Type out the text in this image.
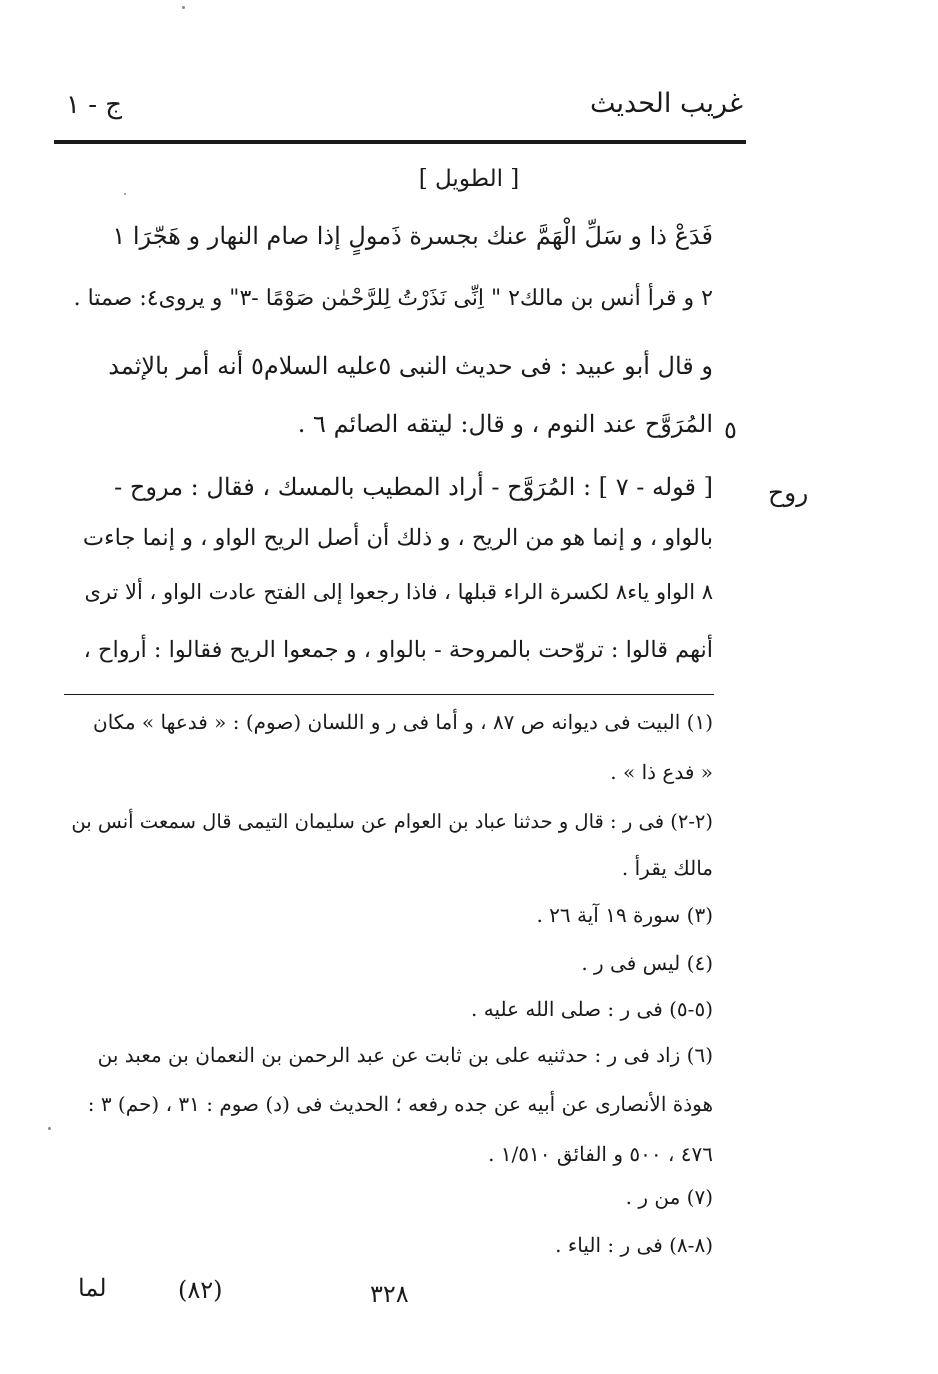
غريب الحديث
ج - ١
[ الطويل ]
فَدَعْ ذا و سَلِّ الْهَمَّ عنك بجسرة ذَمولٍ إذا صام النهار و هَجّرَا ١
٢ و قرأ أنس بن مالك٢ " اِنِّی نَذَرْتُ لِلرَّحْمٰن صَوْمًا -٣" و يروى٤: صمتا .
و قال أبو عبيد : فی حديث النبی ٥عليه السلام٥ أنه أمر بالإثمد
المُرَوَّح عند النوم ، و قال: ليتقه الصائم ٦ . ٥
روح
[ قوله - ٧ ] : المُرَوَّح - أراد المطيب بالمسك ، فقال : مروح -
بالواو ، و إنما هو من الريح ، و ذلك أن أصل الريح الواو ، و إنما جاءت
٨ الواو ياء٨ لكسرة الراء قبلها ، فاذا رجعوا إلى الفتح عادت الواو ، ألا ترى
أنهم قالوا : تروّحت بالمروحة - بالواو ، و جمعوا الريح فقالوا : أرواح ،
(١) البيت فی ديوانه ص ٨٧ ، و أما فی ر و اللسان (صوم) : « فدعها » مكان
« فدع ذا » .
(٢-٢) فی ر : قال و حدثنا عباد بن العوام عن سليمان التيمی قال سمعت أنس بن
مالك يقرأ .
(٣) سورة ١٩ آية ٢٦ .
(٤) ليس فی ر .
(٥-٥) فی ر : صلى الله عليه .
(٦) زاد فی ر : حدثنيه علی بن ثابت عن عبد الرحمن بن النعمان بن معبد بن
هوذة الأنصاری عن أبيه عن جده رفعه ؛ الحديث فی (د) صوم : ٣١ ، (حم) ٣ :
٤٧٦ ، ٥٠٠ و الفائق ١/٥١٠ .
(٧) من ر .
(٨-٨) فی ر : الياء .
٣٢٨
(٨٢)
لما
